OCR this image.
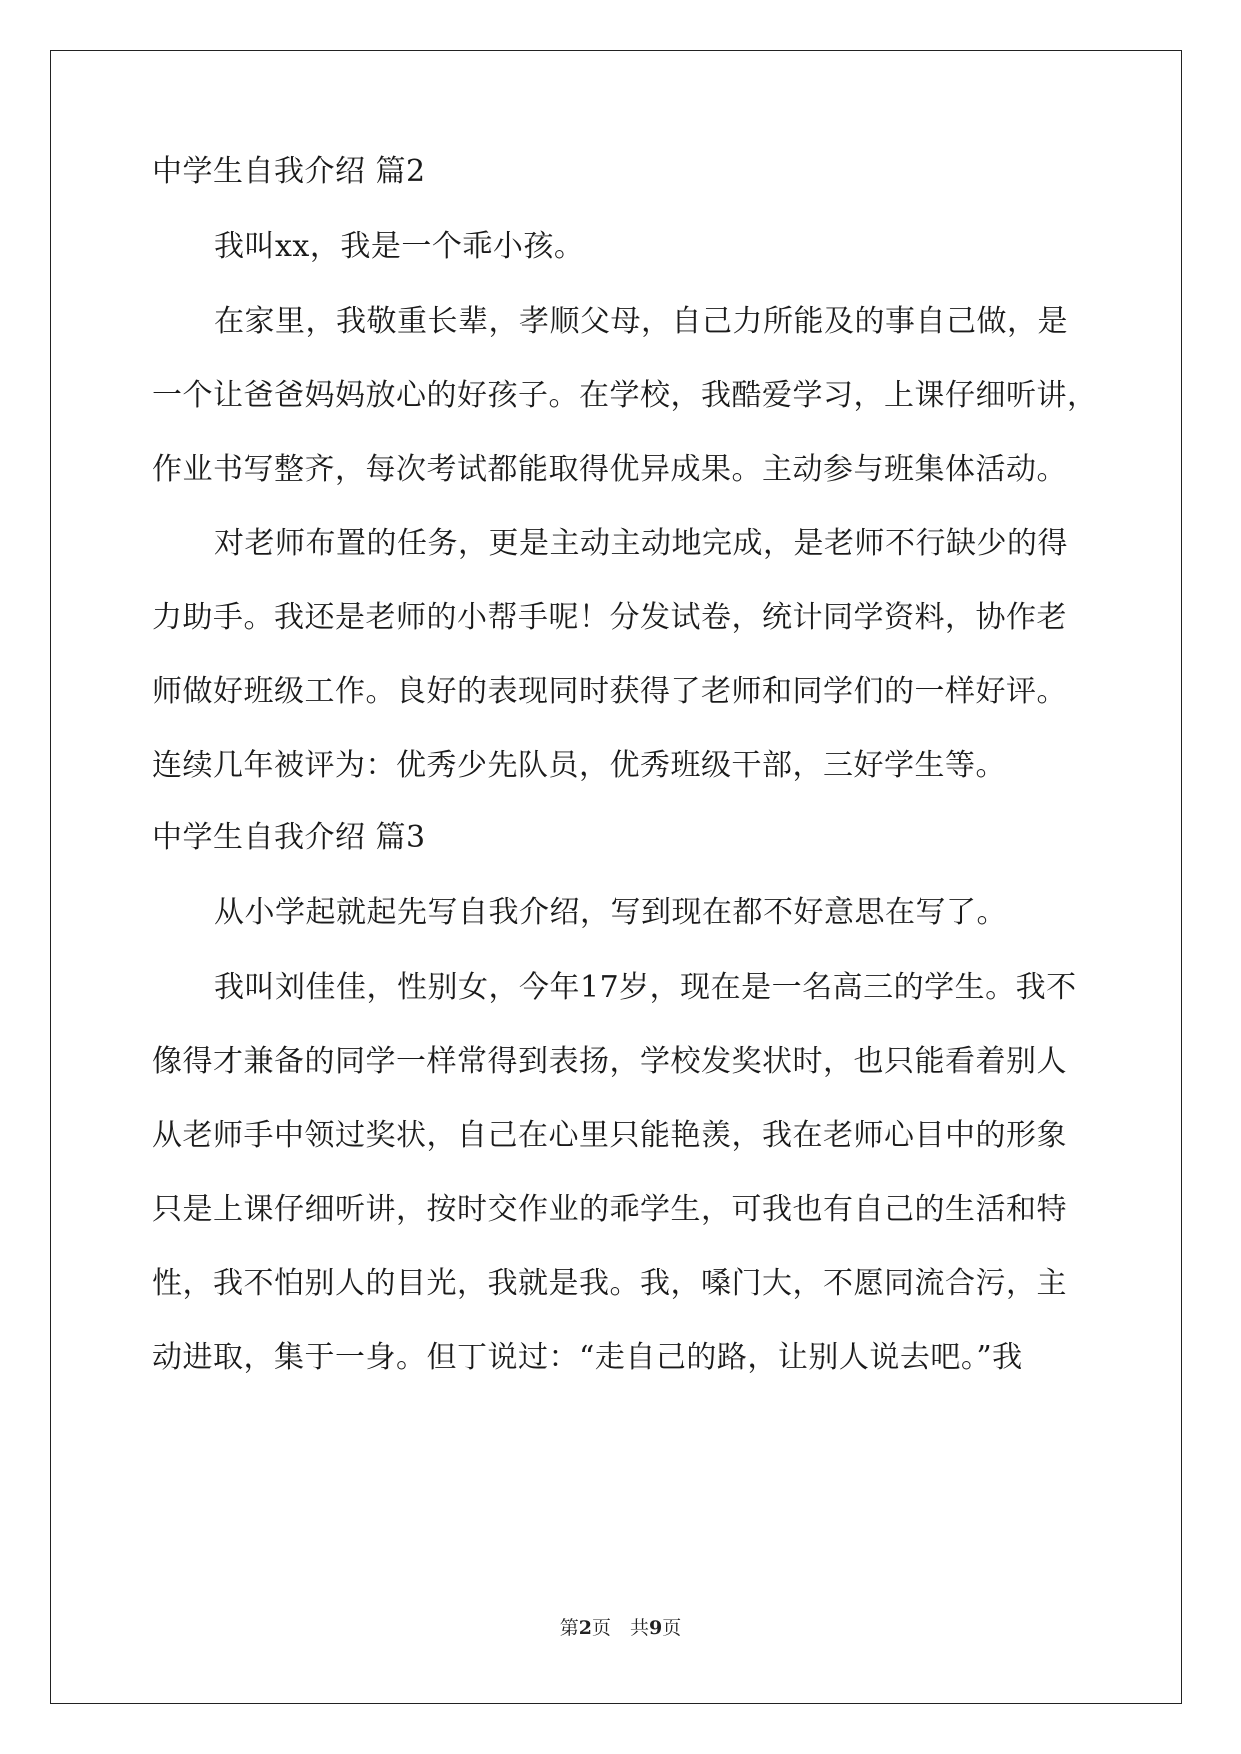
中学生自我介绍 篇2
我叫xx，我是一个乖小孩。
在家里，我敬重长辈，孝顺父母，自己力所能及的事自己做，是
一个让爸爸妈妈放心的好孩子。在学校，我酷爱学习，上课仔细听讲，
作业书写整齐，每次考试都能取得优异成果。主动参与班集体活动。
对老师布置的任务，更是主动主动地完成，是老师不行缺少的得
力助手。我还是老师的小帮手呢！分发试卷，统计同学资料，协作老
师做好班级工作。良好的表现同时获得了老师和同学们的一样好评。
连续几年被评为：优秀少先队员，优秀班级干部，三好学生等。
中学生自我介绍 篇3
从小学起就起先写自我介绍，写到现在都不好意思在写了。
我叫刘佳佳，性别女，今年17岁，现在是一名高三的学生。我不
像得才兼备的同学一样常得到表扬，学校发奖状时，也只能看着别人
从老师手中领过奖状，自己在心里只能艳羡，我在老师心目中的形象
只是上课仔细听讲，按时交作业的乖学生，可我也有自己的生活和特
性，我不怕别人的目光，我就是我。我，嗓门大，不愿同流合污，主
动进取，集于一身。但丁说过：“走自己的路，让别人说去吧。”我
第2页　共9页
